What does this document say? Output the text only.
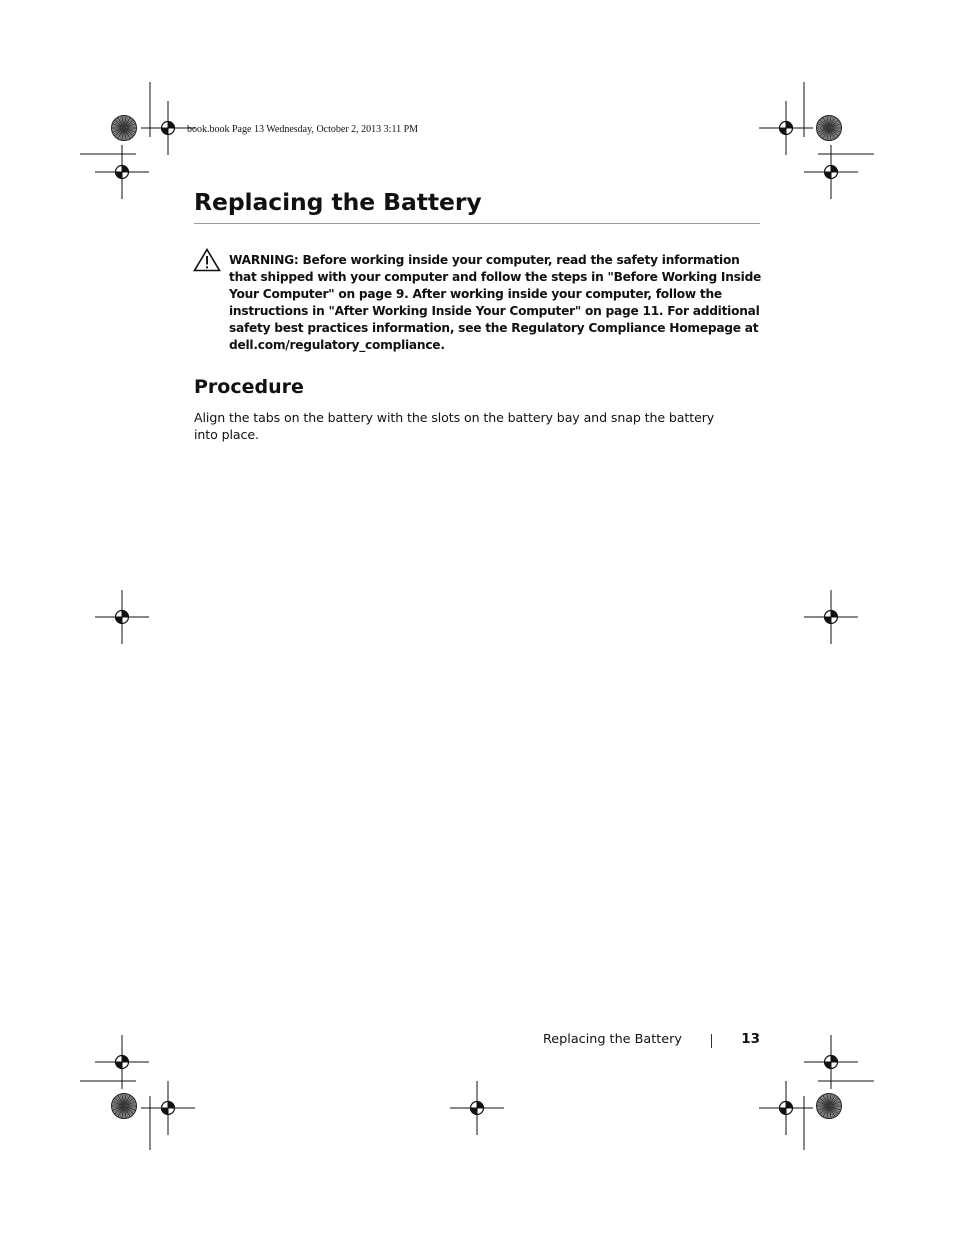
book.book Page 13 Wednesday, October 2, 2013 3:11 PM
Replacing the Battery
WARNING: Before working inside your computer, read the safety information that shipped with your computer and follow the steps in "Before Working Inside Your Computer" on page 9. After working inside your computer, follow the instructions in "After Working Inside Your Computer" on page 11. For additional safety best practices information, see the Regulatory Compliance Homepage at dell.com/regulatory_compliance.
Procedure
Align the tabs on the battery with the slots on the battery bay and snap the battery into place.
Replacing the Battery	13
